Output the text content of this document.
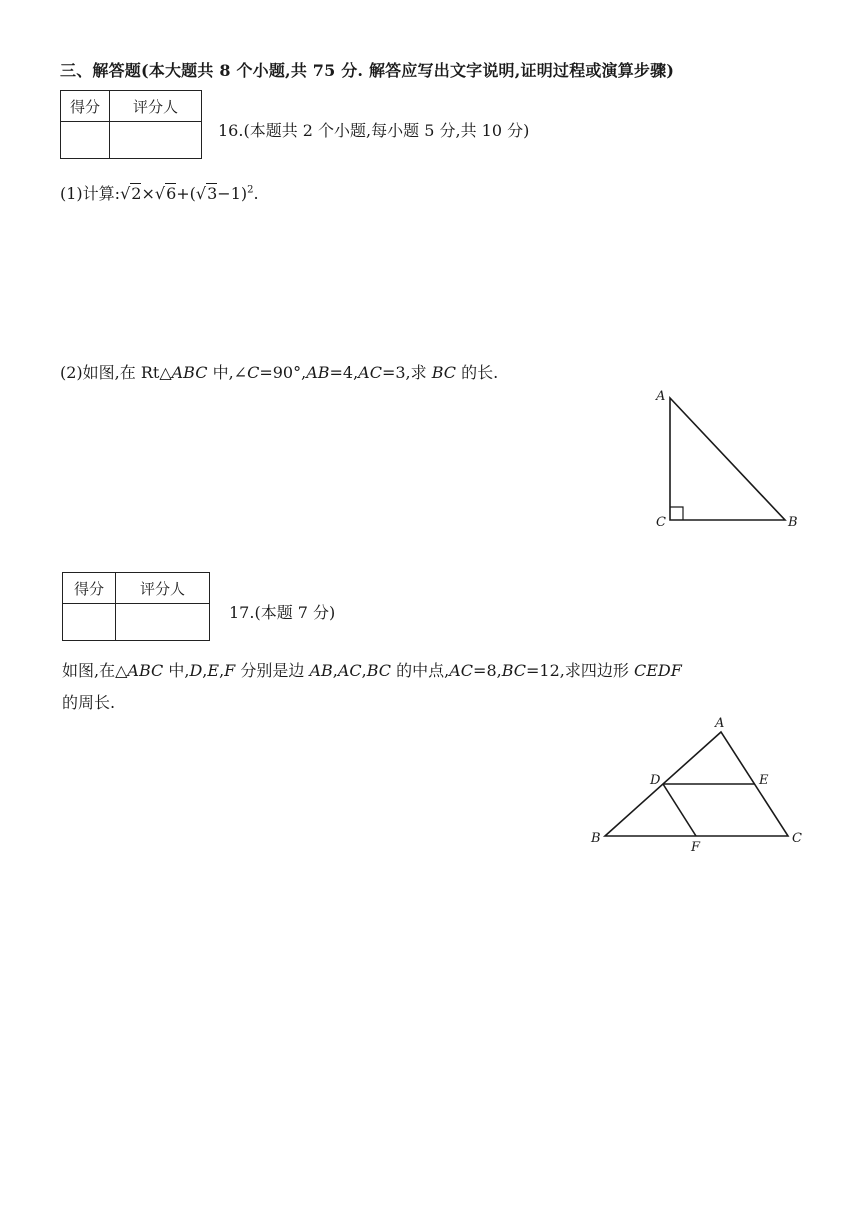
三、解答题(本大题共 8 个小题,共 75 分. 解答应写出文字说明,证明过程或演算步骤)
得分	评分人

16.(本题共 2 个小题,每小题 5 分,共 10 分)
(1)计算$:√2\times√6+(√3-1)^2$.
(2)如图,在 Rt△ABC 中,∠C=90°,AB=4,AC=3,求 BC 的长.
A
C	B
得分	评分人

17.(本题 7 分)
如图,在△ABC 中,D,E,F 分别是边 AB,AC,BC 的中点,AC=8,BC=12,求四边形 CEDF
的周长.
A
D	E
B
F
C
